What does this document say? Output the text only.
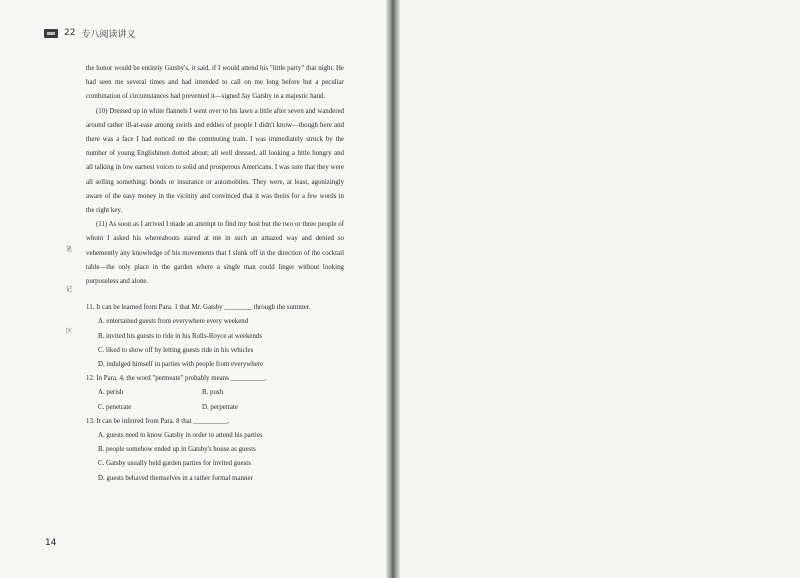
22 专八阅读讲义
笔
记
区

the honor would be entirely Gatsby's, it said, if I would attend his "little party" that night. He had seen me several times and had intended to call on me long before but a peculiar combination of circumstances had prevented it—signed Jay Gatsby in a majestic hand.

(10) Dressed up in white flannels I went over to his lawn a little after seven and wandered around rather ill-at-ease among swirls and eddies of people I didn't know—though here and there was a face I had noticed on the commuting train. I was immediately struck by the number of young Englishmen dotted about; all well dressed, all looking a little hungry and all talking in low earnest voices to solid and prosperous Americans. I was sure that they were all selling something: bonds or insurance or automobiles. They were, at least, agonizingly aware of the easy money in the vicinity and convinced that it was theirs for a few words in the right key.

(11) As soon as I arrived I made an attempt to find my host but the two or three people of whom I asked his whereabouts stared at me in such an amazed way and denied so vehemently any knowledge of his movements that I slunk off in the direction of the cocktail table—the only place in the garden where a single man could linger without looking purposeless and alone.

11. It can be learned from Para. 1 that Mr. Gatsby ________ through the summer.

A. entertained guests from everywhere every weekend

B. invited his guests to ride in his Rolls-Royce at weekends

C. liked to show off by letting guests ride in his vehicles

D. indulged himself in parties with people from everywhere

12. In Para. 4, the word "permeate" probably means __________.

A. perish	B. push
C. penetrate	D. perpetrate

13. It can be inferred from Para. 8 that __________.

A. guests need to know Gatsby in order to attend his parties

B. people somehow ended up in Gatsby's house as guests

C. Gatsby usually held garden parties for invited guests

D. guests behaved themselves in a rather formal manner

14
